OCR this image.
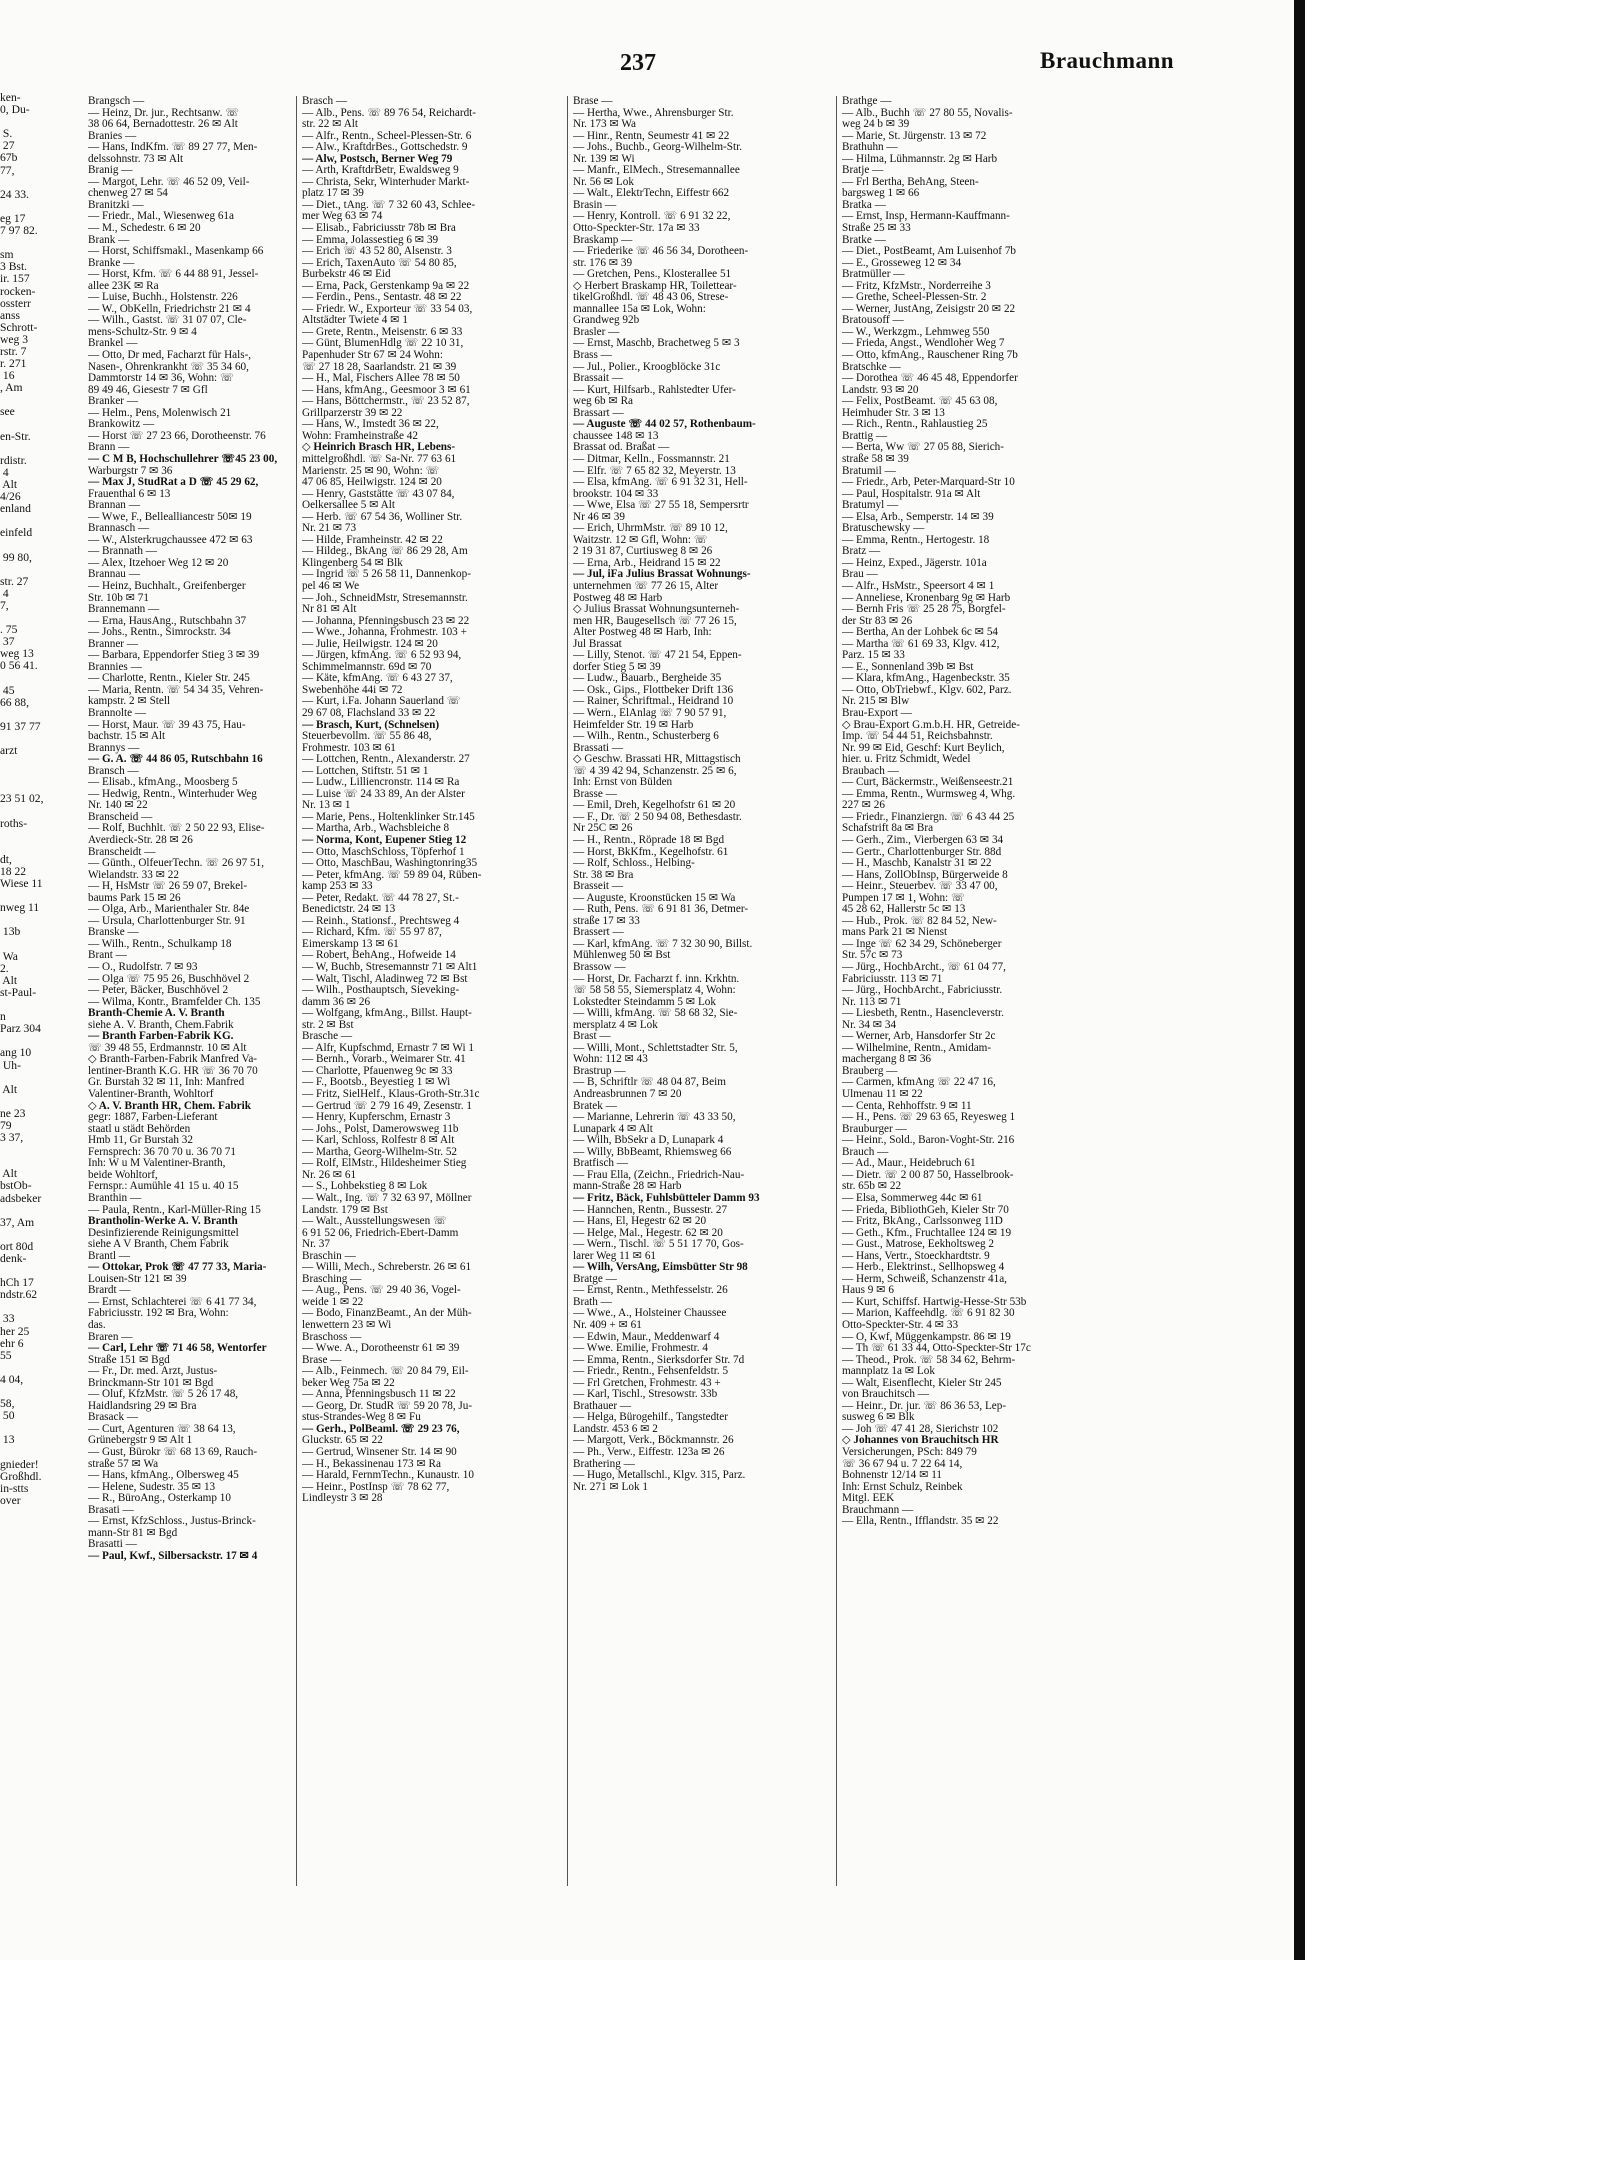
ken-
0, Du-

S.
27
67b
77,

24 33.

eg 17
7 97 82.

sm
3 Bst.
ir. 157
rocken-
ossterr
anss
Schrott-
weg 3
rstr. 7
r. 271
16
, Am

see

en-Str.

rdistr.
4
Alt
4/26
enland

einfeld

99 80,

str. 27
4
7,

. 75
37
weg 13
0 56 41.

45
66 88,

91 37 77

arzt

23 51 02,

roths-

dt,
18 22
Wiese 11

nweg 11

13b

Wa
2.
Alt
st-Paul-

n
Parz 304

ang 10
Uh-

Alt

ne 23
79
3 37,

Alt
bstOb-
adsbeker

37, Am

ort 80d
denk-

hCh 17
ndstr.62

33
her 25
ehr 6
55

4 04,

58,
50

13

gnieder!
Großhdl.
in-stts
over
237	Brauchmann
Brangsch —
— Heinz, Dr. jur., Rechtsanw. ☏
38 06 64, Bernadottestr. 26 ✉ Alt
Branies —
— Hans, IndKfm. ☏ 89 27 77, Men-
delssohnstr. 73 ✉ Alt
Branig —
— Margot, Lehr. ☏ 46 52 09, Veil-
chenweg 27 ✉ 54
Branitzki —
— Friedr., Mal., Wiesenweg 61a
— M., Schedestr. 6 ✉ 20
Brank —
— Horst, Schiffsmakl., Masenkamp 66
Branke —
— Horst, Kfm. ☏ 6 44 88 91, Jessel-
allee 23K ✉ Ra
— Luise, Buchh., Holstenstr. 226
— W., ObKelln, Friedrichstr 21 ✉ 4
— Wilh., Gastst. ☏ 31 07 07, Cle-
mens-Schultz-Str. 9 ✉ 4
Brankel —
— Otto, Dr med, Facharzt für Hals-,
Nasen-, Ohrenkrankht ☏ 35 34 60,
Dammtorstr 14 ✉ 36, Wohn: ☏
89 49 46, Giesestr 7 ✉ Gfl
Branker —
— Helm., Pens, Molenwisch 21
Brankowitz —
— Horst ☏ 27 23 66, Dorotheenstr. 76
Brann —
— C M B, Hochschullehrer ☏45 23 00,
Warburgstr 7 ✉ 36
— Max J, StudRat a D ☏ 45 29 62,
Frauenthal 6 ✉ 13
Brannan —
— Wwe, F., Bellealliancestr 50✉ 19
Brannasch —
— W., Alsterkrugchaussee 472 ✉ 63
— Brannath —
— Alex, Itzehoer Weg 12 ✉ 20
Brannau —
— Heinz, Buchhalt., Greifenberger
Str. 10b ✉ 71
Brannemann —
— Erna, HausAng., Rutschbahn 37
— Johs., Rentn., Simrockstr. 34
Branner —
— Barbara, Eppendorfer Stieg 3 ✉ 39
Brannies —
— Charlotte, Rentn., Kieler Str. 245
— Maria, Rentn. ☏ 54 34 35, Vehren-
kampstr. 2 ✉ Stell
Brannolte —
— Horst, Maur. ☏ 39 43 75, Hau-
bachstr. 15 ✉ Alt
Brannys —
— G. A. ☏ 44 86 05, Rutschbahn 16
Bransch —
— Elisab., kfmAng., Moosberg 5
— Hedwig, Rentn., Winterhuder Weg
Nr. 140 ✉ 22
Branscheid —
— Rolf, Buchhlt. ☏ 2 50 22 93, Elise-
Averdieck-Str. 28 ✉ 26
Branscheidt —
— Günth., OlfeuerTechn. ☏ 26 97 51,
Wielandstr. 33 ✉ 22
— H, HsMstr ☏ 26 59 07, Brekel-
baums Park 15 ✉ 26
— Olga, Arb., Marienthaler Str. 84e
— Ursula, Charlottenburger Str. 91
Branske —
— Wilh., Rentn., Schulkamp 18
Brant —
— O., Rudolfstr. 7 ✉ 93
— Olga ☏ 75 95 26, Buschhövel 2
— Peter, Bäcker, Buschhövel 2
— Wilma, Kontr., Bramfelder Ch. 135
Branth-Chemie A. V. Branth
siehe A. V. Branth, Chem.Fabrik
— Branth Farben-Fabrik KG.
☏ 39 48 55, Erdmannstr. 10 ✉ Alt
◇ Branth-Farben-Fabrik Manfred Va-
lentiner-Branth K.G. HR ☏ 36 70 70
Gr. Burstah 32 ✉ 11, Inh: Manfred
Valentiner-Branth, Wohltorf
◇ A. V. Branth HR, Chem. Fabrik
gegr: 1887, Farben-Lieferant
staatl u städt Behörden
Hmb 11, Gr Burstah 32
Fernsprech: 36 70 70 u. 36 70 71
Inh: W u M Valentiner-Branth,
beide Wohltorf,
Fernspr.: Aumühle 41 15 u. 40 15
Branthin —
— Paula, Rentn., Karl-Müller-Ring 15
Brantholin-Werke A. V. Branth
Desinfizierende Reinigungsmittel
siehe A V Branth, Chem Fabrik
Brantl —
— Ottokar, Prok ☏ 47 77 33, Maria-
Louisen-Str 121 ✉ 39
Brardt —
— Ernst, Schlachterei ☏ 6 41 77 34,
Fabriciusstr. 192 ✉ Bra, Wohn:
das.
Braren —
— Carl, Lehr ☏ 71 46 58, Wentorfer
Straße 151 ✉ Bgd
— Fr., Dr. med. Arzt, Justus-
Brinckmann-Str 101 ✉ Bgd
— Oluf, KfzMstr. ☏ 5 26 17 48,
Haidlandsring 29 ✉ Bra
Brasack —
— Curt, Agenturen ☏ 38 64 13,
Grünebergstr 9 ✉ Alt 1
— Gust, Bürokr ☏ 68 13 69, Rauch-
straße 57 ✉ Wa
— Hans, kfmAng., Olbersweg 45
— Helene, Sudestr. 35 ✉ 13
— R., BüroAng., Osterkamp 10
Brasati —
— Ernst, KfzSchloss., Justus-Brinck-
mann-Str 81 ✉ Bgd
Brasatti —
— Paul, Kwf., Silbersackstr. 17 ✉ 4
Brasch —
— Alb., Pens. ☏ 89 76 54, Reichardt-
str. 22 ✉ Alt
— Alfr., Rentn., Scheel-Plessen-Str. 6
— Alw., KraftdrBes., Gottschedstr. 9
— Alw, Postsch, Berner Weg 79
— Arth, KraftdrBetr, Ewaldsweg 9
— Christa, Sekr, Winterhuder Markt-
platz 17 ✉ 39
— Diet., tAng. ☏ 7 32 60 43, Schlee-
mer Weg 63 ✉ 74
— Elisab., Fabriciusstr 78b ✉ Bra
— Emma, Jolassestieg 6 ✉ 39
— Erich ☏ 43 52 80, Alsenstr. 3
— Erich, TaxenAuto ☏ 54 80 85,
Burbekstr 46 ✉ Eid
— Erna, Pack, Gerstenkamp 9a ✉ 22
— Ferdin., Pens., Sentastr. 48 ✉ 22
— Friedr. W., Exporteur ☏ 33 54 03,
Altstädter Twiete 4 ✉ 1
— Grete, Rentn., Meisenstr. 6 ✉ 33
— Günt, BlumenHdlg ☏ 22 10 31,
Papenhuder Str 67 ✉ 24 Wohn:
☏ 27 18 28, Saarlandstr. 21 ✉ 39
— H., Mal, Fischers Allee 78 ✉ 50
— Hans, kfmAng., Geesmoor 3 ✉ 61
— Hans, Böttchermstr., ☏ 23 52 87,
Grillparzerstr 39 ✉ 22
— Hans, W., Imstedt 36 ✉ 22,
Wohn: Framheinstraße 42
◇ Heinrich Brasch HR, Lebens-
mittelgroßhdl. ☏ Sa-Nr. 77 63 61
Marienstr. 25 ✉ 90, Wohn: ☏
47 06 85, Heilwigstr. 124 ✉ 20
— Henry, Gaststätte ☏ 43 07 84,
Oelkersallee 5 ✉ Alt
— Herb. ☏ 67 54 36, Wolliner Str.
Nr. 21 ✉ 73
— Hilde, Framheinstr. 42 ✉ 22
— Hildeg., BkAng ☏ 86 29 28, Am
Klingenberg 54 ✉ Blk
— Ingrid ☏ 5 26 58 11, Dannenkop-
pel 46 ✉ We
— Joh., SchneidMstr, Stresemannstr.
Nr 81 ✉ Alt
— Johanna, Pfenningsbusch 23 ✉ 22
— Wwe., Johanna, Frohmestr. 103 +
— Julie, Heilwigstr. 124 ✉ 20
— Jürgen, kfmAng. ☏ 6 52 93 94,
Schimmelmannstr. 69d ✉ 70
— Käte, kfmAng. ☏ 6 43 27 37,
Swebenhöhe 44i ✉ 72
— Kurt, i.Fa. Johann Sauerland ☏
29 67 08, Flachsland 33 ✉ 22
— Brasch, Kurt, (Schnelsen)
Steuerbevollm. ☏ 55 86 48,
Frohmestr. 103 ✉ 61
— Lottchen, Rentn., Alexanderstr. 27
— Lottchen, Stiftstr. 51 ✉ 1
— Ludw., Lilliencronstr. 114 ✉ Ra
— Luise ☏ 24 33 89, An der Alster
Nr. 13 ✉ 1
— Marie, Pens., Holtenklinker Str.145
— Martha, Arb., Wachsbleiche 8
— Norma, Kont, Eupener Stieg 12
— Otto, MaschSchloss, Töpferhof 1
— Otto, MaschBau, Washingtonring35
— Peter, kfmAng. ☏ 59 89 04, Rüben-
kamp 253 ✉ 33
— Peter, Redakt. ☏ 44 78 27, St.-
Benedictstr. 24 ✉ 13
— Reinh., Stationsf., Prechtsweg 4
— Richard, Kfm. ☏ 55 97 87,
Eimerskamp 13 ✉ 61
— Robert, BehAng., Hofweide 14
— W, Buchb, Stresemannstr 71 ✉ Alt1
— Walt, Tischl, Aladinweg 72 ✉ Bst
— Wilh., Posthauptsch, Sieveking-
damm 36 ✉ 26
— Wolfgang, kfmAng., Billst. Haupt-
str. 2 ✉ Bst
Brasche —
— Alfr, Kupfschmd, Ernastr 7 ✉ Wi 1
— Bernh., Vorarb., Weimarer Str. 41
— Charlotte, Pfauenweg 9c ✉ 33
— F., Bootsb., Beyestieg 1 ✉ Wi
— Fritz, SielHelf., Klaus-Groth-Str.31c
— Gertrud ☏ 2 79 16 49, Zesenstr. 1
— Henry, Kupferschm, Ernastr 3
— Johs., Polst, Damerowsweg 11b
— Karl, Schloss, Rolfestr 8 ✉ Alt
— Martha, Georg-Wilhelm-Str. 52
— Rolf, ElMstr., Hildesheimer Stieg
Nr. 26 ✉ 61
— S., Lohbekstieg 8 ✉ Lok
— Walt., Ing. ☏ 7 32 63 97, Möllner
Landstr. 179 ✉ Bst
— Walt., Ausstellungswesen ☏
6 91 52 06, Friedrich-Ebert-Damm
Nr. 37
Braschin —
— Willi, Mech., Schreberstr. 26 ✉ 61
Brasching —
— Aug., Pens. ☏ 29 40 36, Vogel-
weide 1 ✉ 22
— Bodo, FinanzBeamt., An der Müh-
lenwettern 23 ✉ Wi
Braschoss —
— Wwe. A., Dorotheenstr 61 ✉ 39
Brase —
— Alb., Feinmech. ☏ 20 84 79, Eil-
beker Weg 75a ✉ 22
— Anna, Pfenningsbusch 11 ✉ 22
— Georg, Dr. StudR ☏ 59 20 78, Ju-
stus-Strandes-Weg 8 ✉ Fu
— Gerh., PolBeaml. ☏ 29 23 76,
Gluckstr. 65 ✉ 22
— Gertrud, Winsener Str. 14 ✉ 90
— H., Bekassinenau 173 ✉ Ra
— Harald, FernmTechn., Kunaustr. 10
— Heinr., PostInsp ☏ 78 62 77,
Lindleystr 3 ✉ 28
Brase —
— Hertha, Wwe., Ahrensburger Str.
Nr. 173 ✉ Wa
— Hinr., Rentn, Seumestr 41 ✉ 22
— Johs., Buchb., Georg-Wilhelm-Str.
Nr. 139 ✉ Wi
— Manfr., ElMech., Stresemannallee
Nr. 56 ✉ Lok
— Walt., ElektrTechn, Eiffestr 662
Brasin —
— Henry, Kontroll. ☏ 6 91 32 22,
Otto-Speckter-Str. 17a ✉ 33
Braskamp —
— Friederike ☏ 46 56 34, Dorotheen-
str. 176 ✉ 39
— Gretchen, Pens., Klosterallee 51
◇ Herbert Braskamp HR, Toilettear-
tikelGroßhdl. ☏ 48 43 06, Strese-
mannallee 15a ✉ Lok, Wohn:
Grandweg 92b
Brasler —
— Ernst, Maschb, Brachetweg 5 ✉ 3
Brass —
— Jul., Polier., Kroogblöcke 31c
Brassait —
— Kurt, Hilfsarb., Rahlstedter Ufer-
weg 6b ✉ Ra
Brassart —
— Auguste ☏ 44 02 57, Rothenbaum-
chaussee 148 ✉ 13
Brassat od. Braßat —
— Ditmar, Kelln., Fossmannstr. 21
— Elfr. ☏ 7 65 82 32, Meyerstr. 13
— Elsa, kfmAng. ☏ 6 91 32 31, Hell-
brookstr. 104 ✉ 33
— Wwe, Elsa ☏ 27 55 18, Sempersrtr
Nr 46 ✉ 39
— Erich, UhrmMstr. ☏ 89 10 12,
Waitzstr. 12 ✉ Gfl, Wohn: ☏
2 19 31 87, Curtiusweg 8 ✉ 26
— Erna, Arb., Heidrand 15 ✉ 22
— Jul, iFa Julius Brassat Wohnungs-
unternehmen ☏ 77 26 15, Alter
Postweg 48 ✉ Harb
◇ Julius Brassat Wohnungsunterneh-
men HR, Baugesellsch ☏ 77 26 15,
Alter Postweg 48 ✉ Harb, Inh:
Jul Brassat
— Lilly, Stenot. ☏ 47 21 54, Eppen-
dorfer Stieg 5 ✉ 39
— Ludw., Bauarb., Bergheide 35
— Osk., Gips., Flottbeker Drift 136
— Rainer, Schriftmal., Heidrand 10
— Wern., ElAnlag ☏ 7 90 57 91,
Heimfelder Str. 19 ✉ Harb
— Wilh., Rentn., Schusterberg 6
Brassati —
◇ Geschw. Brassati HR, Mittagstisch
☏ 4 39 42 94, Schanzenstr. 25 ✉ 6,
Inh: Ernst von Bülden
Brasse —
— Emil, Dreh, Kegelhofstr 61 ✉ 20
— F., Dr. ☏ 2 50 94 08, Bethesdastr.
Nr 25C ✉ 26
— H., Rentn., Röprade 18 ✉ Bgd
— Horst, BkKfm., Kegelhofstr. 61
— Rolf, Schloss., Helbing-
Str. 38 ✉ Bra
Brasseit —
— Auguste, Kroonstücken 15 ✉ Wa
— Ruth, Pens. ☏ 6 91 81 36, Detmer-
straße 17 ✉ 33
Brassert —
— Karl, kfmAng. ☏ 7 32 30 90, Billst.
Mühlenweg 50 ✉ Bst
Brassow —
— Horst, Dr. Facharzt f. inn. Krkhtn.
☏ 58 58 55, Siemersplatz 4, Wohn:
Lokstedter Steindamm 5 ✉ Lok
— Willi, kfmAng. ☏ 58 68 32, Sie-
mersplatz 4 ✉ Lok
Brast —
— Willi, Mont., Schlettstadter Str. 5,
Wohn: 112 ✉ 43
Brastrup —
— B, Schriftlr ☏ 48 04 87, Beim
Andreasbrunnen 7 ✉ 20
Bratek —
— Marianne, Lehrerin ☏ 43 33 50,
Lunapark 4 ✉ Alt
— Wilh, BbSekr a D, Lunapark 4
— Willy, BbBeamt, Rhiemsweg 66
Bratfisch —
— Frau Ella, (Zeichn., Friedrich-Nau-
mann-Straße 28 ✉ Harb
— Fritz, Bäck, Fuhlsbütteler Damm 93
— Hannchen, Rentn., Bussestr. 27
— Hans, El, Hegestr 62 ✉ 20
— Helge, Mal., Hegestr. 62 ✉ 20
— Wern., Tischl. ☏ 5 51 17 70, Gos-
larer Weg 11 ✉ 61
— Wilh, VersAng, Eimsbütter Str 98
Bratge —
— Ernst, Rentn., Methfesselstr. 26
Brath —
— Wwe., A., Holsteiner Chaussee
Nr. 409 + ✉ 61
— Edwin, Maur., Meddenwarf 4
— Wwe. Emilie, Frohmestr. 4
— Emma, Rentn., Sierksdorfer Str. 7d
— Friedr., Rentn., Fehsenfeldstr. 5
— Frl Gretchen, Frohmestr. 43 +
— Karl, Tischl., Stresowstr. 33b
Brathauer —
— Helga, Bürogehilf., Tangstedter
Landstr. 453 6 ✉ 2
— Margott, Verk., Böckmannstr. 26
— Ph., Verw., Eiffestr. 123a ✉ 26
Brathering —
— Hugo, Metallschl., Klgv. 315, Parz.
Nr. 271 ✉ Lok 1
Brathge —
— Alb., Buchh ☏ 27 80 55, Novalis-
weg 24 b ✉ 39
— Marie, St. Jürgenstr. 13 ✉ 72
Brathuhn —
— Hilma, Lühmannstr. 2g ✉ Harb
Bratje —
— Frl Bertha, BehAng, Steen-
bargsweg 1 ✉ 66
Bratka —
— Ernst, Insp, Hermann-Kauffmann-
Straße 25 ✉ 33
Bratke —
— Diet., PostBeamt, Am Luisenhof 7b
— E., Grosseweg 12 ✉ 34
Bratmüller —
— Fritz, KfzMstr., Norderreihe 3
— Grethe, Scheel-Plessen-Str. 2
— Werner, JustAng, Zeisigstr 20 ✉ 22
Bratousoff —
— W., Werkzgm., Lehmweg 550
— Frieda, Angst., Wendloher Weg 7
— Otto, kfmAng., Rauschener Ring 7b
Bratschke —
— Dorothea ☏ 46 45 48, Eppendorfer
Landstr. 93 ✉ 20
— Felix, PostBeamt. ☏ 45 63 08,
Heimhuder Str. 3 ✉ 13
— Rich., Rentn., Rahlaustieg 25
Brattig —
— Berta, Ww ☏ 27 05 88, Sierich-
straße 58 ✉ 39
Bratumil —
— Friedr., Arb, Peter-Marquard-Str 10
— Paul, Hospitalstr. 91a ✉ Alt
Bratumyl —
— Elsa, Arb., Semperstr. 14 ✉ 39
Bratuschewsky —
— Emma, Rentn., Hertogestr. 18
Bratz —
— Heinz, Exped., Jägerstr. 101a
Brau —
— Alfr., HsMstr., Speersort 4 ✉ 1
— Anneliese, Kronenbarg 9g ✉ Harb
— Bernh Fris ☏ 25 28 75, Borgfel-
der Str 83 ✉ 26
— Bertha, An der Lohbek 6c ✉ 54
— Martha ☏ 61 69 33, Klgv. 412,
Parz. 15 ✉ 33
— E., Sonnenland 39b ✉ Bst
— Klara, kfmAng., Hagenbeckstr. 35
— Otto, ObTriebwf., Klgv. 602, Parz.
Nr. 215 ✉ Blw
Brau-Export —
◇ Brau-Export G.m.b.H. HR, Getreide-
Imp. ☏ 54 44 51, Reichsbahnstr.
Nr. 99 ✉ Eid, Geschf: Kurt Beylich,
hier. u. Fritz Schmidt, Wedel
Braubach —
— Curt, Bäckermstr., Weißenseestr.21
— Emma, Rentn., Wurmsweg 4, Whg.
227 ✉ 26
— Friedr., Finanziergn. ☏ 6 43 44 25
Schafstrift 8a ✉ Bra
— Gerh., Zim., Vierbergen 63 ✉ 34
— Gertr., Charlottenburger Str. 88d
— H., Maschb, Kanalstr 31 ✉ 22
— Hans, ZollObInsp, Bürgerweide 8
— Heinr., Steuerbev. ☏ 33 47 00,
Pumpen 17 ✉ 1, Wohn: ☏
45 28 62, Hallerstr 5c ✉ 13
— Hub., Prok. ☏ 82 84 52, New-
mans Park 21 ✉ Nienst
— Inge ☏ 62 34 29, Schöneberger
Str. 57c ✉ 73
— Jürg., HochbArcht., ☏ 61 04 77,
Fabriciusstr. 113 ✉ 71
— Jürg., HochbArcht., Fabriciusstr.
Nr. 113 ✉ 71
— Liesbeth, Rentn., Hasencleverstr.
Nr. 34 ✉ 34
— Werner, Arb, Hansdorfer Str 2c
— Wilhelmine, Rentn., Amidam-
machergang 8 ✉ 36
Brauberg —
— Carmen, kfmAng ☏ 22 47 16,
Ulmenau 11 ✉ 22
— Centa, Rehhoffstr. 9 ✉ 11
— H., Pens. ☏ 29 63 65, Reyesweg 1
Brauburger —
— Heinr., Sold., Baron-Voght-Str. 216
Brauch —
— Ad., Maur., Heidebruch 61
— Dietr. ☏ 2 00 87 50, Hasselbrook-
str. 65b ✉ 22
— Elsa, Sommerweg 44c ✉ 61
— Frieda, BibliothGeh, Kieler Str 70
— Fritz, BkAng., Carlssonweg 11D
— Geth., Kfm., Fruchtallee 124 ✉ 19
— Gust., Matrose, Eekholtsweg 2
— Hans, Vertr., Stoeckhardtstr. 9
— Herb., Elektrinst., Sellhopsweg 4
— Herm, Schweiß, Schanzenstr 41a,
Haus 9 ✉ 6
— Kurt, Schiffsf. Hartwig-Hesse-Str 53b
— Marion, Kaffeehdlg. ☏ 6 91 82 30
Otto-Speckter-Str. 4 ✉ 33
— O, Kwf, Müggenkampstr. 86 ✉ 19
— Th ☏ 61 33 44, Otto-Speckter-Str 17c
— Theod., Prok. ☏ 58 34 62, Behrm-
mannplatz 1a ✉ Lok
— Walt, Eisenflecht, Kieler Str 245
von Brauchitsch —
— Heinr., Dr. jur. ☏ 86 36 53, Lep-
susweg 6 ✉ Blk
— Joh ☏ 47 41 28, Sierichstr 102
◇ Johannes von Brauchitsch HR
Versicherungen, PSch: 849 79
☏ 36 67 94 u. 7 22 64 14,
Bohnenstr 12/14 ✉ 11
Inh: Ernst Schulz, Reinbek
Mitgl. EEK
Brauchmann —
— Ella, Rentn., Ifflandstr. 35 ✉ 22
